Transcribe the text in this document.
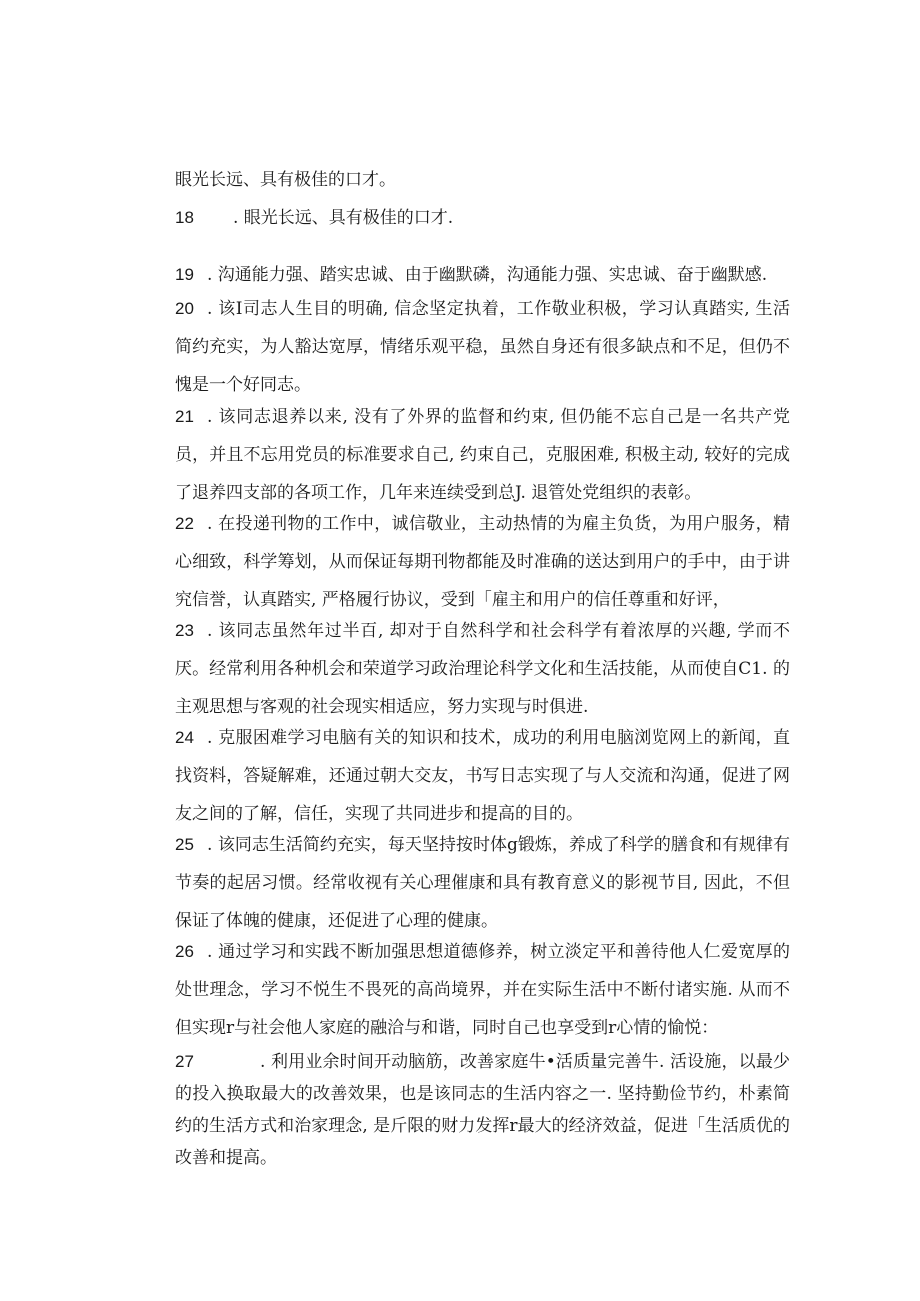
眼光长远、具有极佳的口才。

18 . 眼光长远、具有极佳的口才.

19 . 沟通能力强、踏实忠诚、由于幽默磷，沟通能力强、实忠诚、奋于幽默感.

20 . 该I司志人生目的明确, 信念坚定执着，工作敬业积极，学习认真踏实, 生活简约充实，为人豁达宽厚，情绪乐观平稳，虽然自身还有很多缺点和不足，但仍不愧是一个好同志。

21 . 该同志退养以来, 没有了外界的监督和约束, 但仍能不忘自己是一名共产党员，并且不忘用党员的标准要求自己, 约束自己，克服困难, 积极主动, 较好的完成了退养四支部的各项工作，几年来连续受到总J. 退管处党组织的表彰。

22 . 在投递刊物的工作中，诚信敬业，主动热情的为雇主负货，为用户服务，精心细致，科学筹划，从而保证每期刊物都能及时准确的送达到用户的手中，由于讲究信誉，认真踏实, 严格履行协议，受到「雇主和用户的信任尊重和好评，

23 . 该同志虽然年过半百, 却对于自然科学和社会科学有着浓厚的兴趣, 学而不厌。经常利用各种机会和荣道学习政治理论科学文化和生活技能，从而使自C1. 的主观思想与客观的社会现实相适应，努力实现与时俱进.

24 . 克服困难学习电脑有关的知识和技术，成功的利用电脑浏览网上的新闻，直找资料，答疑解难，还通过朝大交友，书写日志实现了与人交流和沟通，促进了网友之间的了解，信任，实现了共同进步和提高的目的。

25 . 该同志生活简约充实，每天坚持按时体g锻炼，养成了科学的膳食和有规律有节奏的起居习惯。经常收视有关心理催康和具有教育意义的影视节目, 因此，不但保证了体魄的健康，还促进了心理的健康。

26 . 通过学习和实践不断加强思想道德修养，树立淡定平和善待他人仁爱宽厚的处世理念，学习不悦生不畏死的高尚境界，并在实际生活中不断付诸实施. 从而不但实现r与社会他人家庭的融洽与和谐，同时自己也享受到r心情的愉悦：

27	. 利用业余时间开动脑筋，改善家庭牛•活质量完善牛. 活设施，以最少的投入换取最大的改善效果，也是该同志的生活内容之一. 坚持勤俭节约，朴素简约的生活方式和治家理念, 是斤限的财力发挥r最大的经济效益，促进「生活质优的改善和提高。
